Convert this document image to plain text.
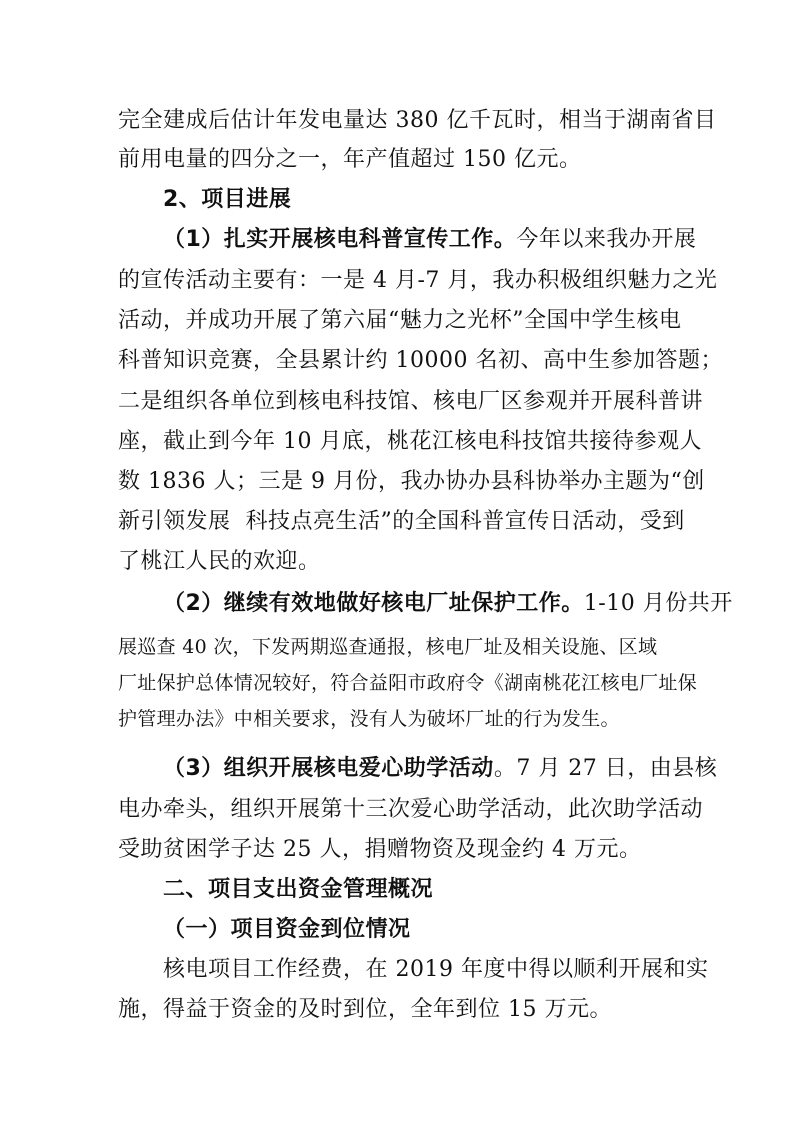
完全建成后估计年发电量达 380 亿千瓦时，相当于湖南省目
前用电量的四分之一，年产值超过 150 亿元。
2、项目进展
（1）扎实开展核电科普宣传工作。今年以来我办开展
的宣传活动主要有：一是 4 月-7 月，我办积极组织魅力之光
活动，并成功开展了第六届“魅力之光杯”全国中学生核电
科普知识竞赛，全县累计约 10000 名初、高中生参加答题；
二是组织各单位到核电科技馆、核电厂区参观并开展科普讲
座，截止到今年 10 月底，桃花江核电科技馆共接待参观人
数 1836 人；三是 9 月份，我办协办县科协举办主题为“创
新引领发展  科技点亮生活”的全国科普宣传日活动，受到
了桃江人民的欢迎。
（2）继续有效地做好核电厂址保护工作。1-10 月份共开
展巡查 40 次，下发两期巡查通报，核电厂址及相关设施、区域
厂址保护总体情况较好，符合益阳市政府令《湖南桃花江核电厂址保
护管理办法》中相关要求，没有人为破坏厂址的行为发生。
（3）组织开展核电爱心助学活动。7 月 27 日，由县核
电办牵头，组织开展第十三次爱心助学活动，此次助学活动
受助贫困学子达 25 人，捐赠物资及现金约 4 万元。
二、项目支出资金管理概况
（一）项目资金到位情况
核电项目工作经费，在 2019 年度中得以顺利开展和实
施，得益于资金的及时到位，全年到位 15 万元。
